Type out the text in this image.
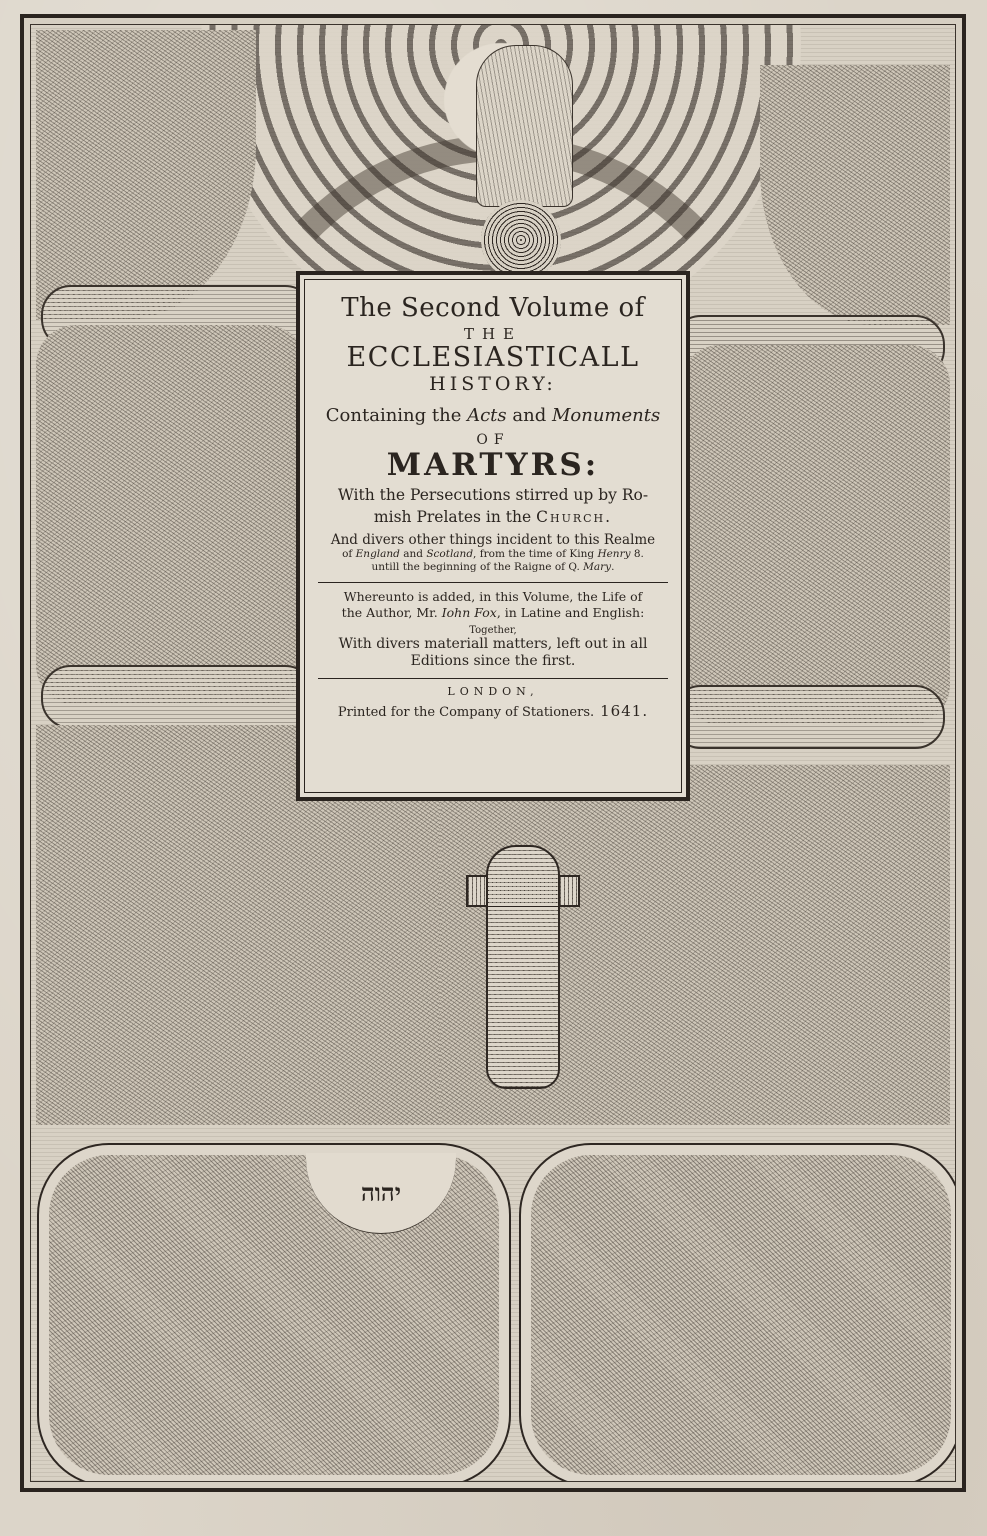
יהוה
The Second Volume of
THE
ECCLESIASTICALL
HISTORY:
Containing the Acts and Monuments
OF
MARTYRS:
With the Persecutions stirred up by Ro-
mish Prelates in the Church.
And divers other things incident to this Realme
of England and Scotland, from the time of King Henry 8.
untill the beginning of the Raigne of Q. Mary.
Whereunto is added, in this Volume, the Life of
the Author, Mr. Iohn Fox, in Latine and English:
Together,
With divers materiall matters, left out in all
Editions since the first.
LONDON,
Printed for the Company of Stationers. 1641.
